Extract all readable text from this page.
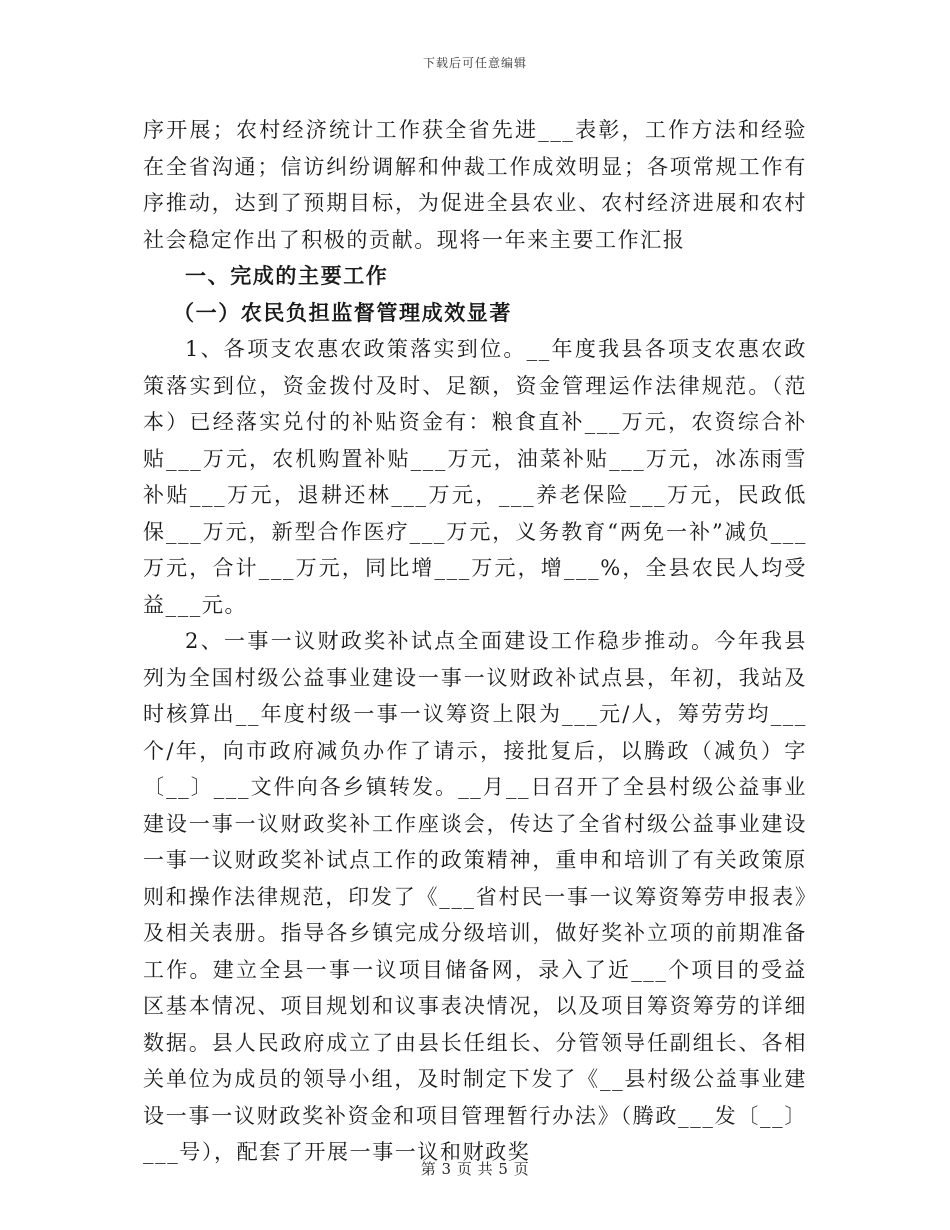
下载后可任意编辑

序开展；农村经济统计工作获全省先进___表彰，工作方法和经验在全省沟通；信访纠纷调解和仲裁工作成效明显；各项常规工作有序推动，达到了预期目标，为促进全县农业、农村经济进展和农村社会稳定作出了积极的贡献。现将一年来主要工作汇报

一、完成的主要工作

（一）农民负担监督管理成效显著

1、各项支农惠农政策落实到位。__年度我县各项支农惠农政策落实到位，资金拨付及时、足额，资金管理运作法律规范。（范本）已经落实兑付的补贴资金有：粮食直补___万元，农资综合补贴___万元，农机购置补贴___万元，油菜补贴___万元，冰冻雨雪补贴___万元，退耕还林___万元，___养老保险___万元，民政低保___万元，新型合作医疗___万元，义务教育“两免一补”减负___万元，合计___万元，同比增___万元，增___%，全县农民人均受益___元。

2、一事一议财政奖补试点全面建设工作稳步推动。今年我县列为全国村级公益事业建设一事一议财政补试点县，年初，我站及时核算出__年度村级一事一议筹资上限为___元/人，筹劳劳均___个/年，向市政府减负办作了请示，接批复后，以腾政（减负）字〔__〕___文件向各乡镇转发。__月__日召开了全县村级公益事业建设一事一议财政奖补工作座谈会，传达了全省村级公益事业建设一事一议财政奖补试点工作的政策精神，重申和培训了有关政策原则和操作法律规范，印发了《___省村民一事一议筹资筹劳申报表》及相关表册。指导各乡镇完成分级培训，做好奖补立项的前期准备工作。建立全县一事一议项目储备网，录入了近___个项目的受益区基本情况、项目规划和议事表决情况，以及项目筹资筹劳的详细数据。县人民政府成立了由县长任组长、分管领导任副组长、各相关单位为成员的领导小组，及时制定下发了《__县村级公益事业建设一事一议财政奖补资金和项目管理暂行办法》（腾政___发〔__〕___号），配套了开展一事一议和财政奖

第 3 页 共 5 页
